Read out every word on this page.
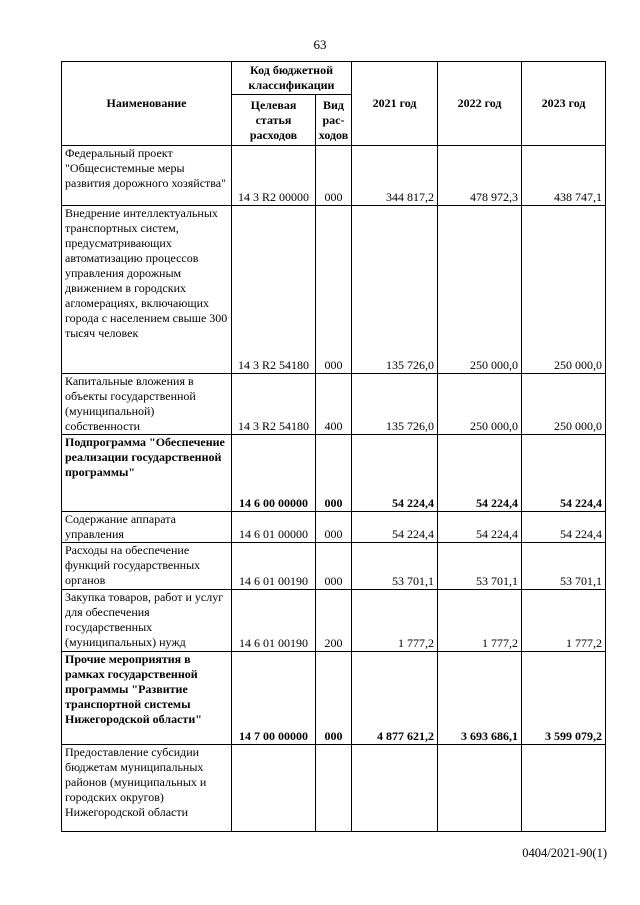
63
Наименование	Код бюджетной классификации		2021 год	2022 год	2023 год
	Целевая статья расходов	Вид рас-ходов			
Федеральный проект "Общесистемные меры развития дорожного хозяйства"	14 3 R2 00000	000	344 817,2	478 972,3	438 747,1
Внедрение интеллектуальных транспортных систем, предусматривающих автоматизацию процессов управления дорожным движением в городских агломерациях, включающих города с населением свыше 300 тысяч человек	14 3 R2 54180	000	135 726,0	250 000,0	250 000,0
Капитальные вложения в объекты государственной (муниципальной) собственности	14 3 R2 54180	400	135 726,0	250 000,0	250 000,0
Подпрограмма "Обеспечение реализации государственной программы"	14 6 00 00000	000	54 224,4	54 224,4	54 224,4
Содержание аппарата управления	14 6 01 00000	000	54 224,4	54 224,4	54 224,4
Расходы на обеспечение функций государственных органов	14 6 01 00190	000	53 701,1	53 701,1	53 701,1
Закупка товаров, работ и услуг для обеспечения государственных (муниципальных) нужд	14 6 01 00190	200	1 777,2	1 777,2	1 777,2
Прочие мероприятия в рамках государственной программы "Развитие транспортной системы Нижегородской области"	14 7 00 00000	000	4 877 621,2	3 693 686,1	3 599 079,2
Предоставление субсидии бюджетам муниципальных районов (муниципальных и городских округов) Нижегородской области					
0404/2021-90(1)
